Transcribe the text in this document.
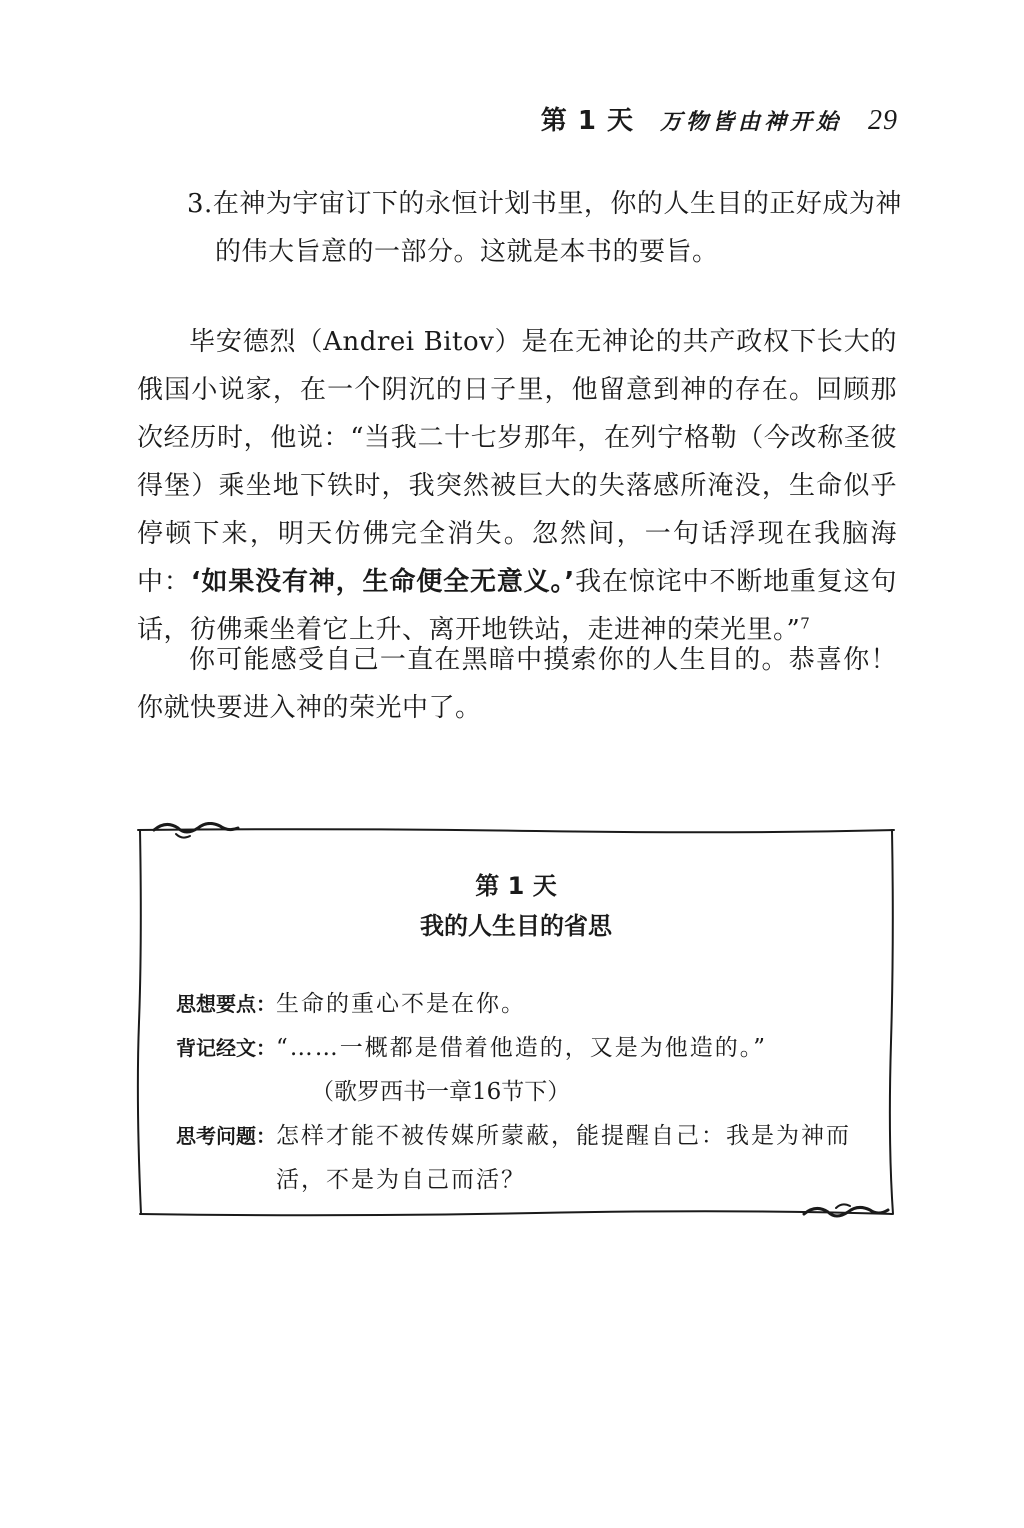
第 1 天 万物皆由神开始 29
3.在神为宇宙订下的永恒计划书里，你的人生目的正好成为神的伟大旨意的一部分。这就是本书的要旨。

毕安德烈（Andrei Bitov）是在无神论的共产政权下长大的俄国小说家，在一个阴沉的日子里，他留意到神的存在。回顾那次经历时，他说：“当我二十七岁那年，在列宁格勒（今改称圣彼得堡）乘坐地下铁时，我突然被巨大的失落感所淹没，生命似乎停顿下来，明天仿佛完全消失。忽然间，一句话浮现在我脑海中：‘如果没有神，生命便全无意义。’我在惊诧中不断地重复这句话，彷佛乘坐着它上升、离开地铁站，走进神的荣光里。”$^7$

你可能感受自己一直在黑暗中摸索你的人生目的。恭喜你！你就快要进入神的荣光中了。

第 1 天
我的人生目的省思
思想要点： 生命的重心不是在你。
背记经文： “……一概都是借着他造的，又是为他造的。”
（歌罗西书一章16节下）
思考问题： 怎样才能不被传媒所蒙蔽，能提醒自己：我是为神而活，不是为自己而活？
